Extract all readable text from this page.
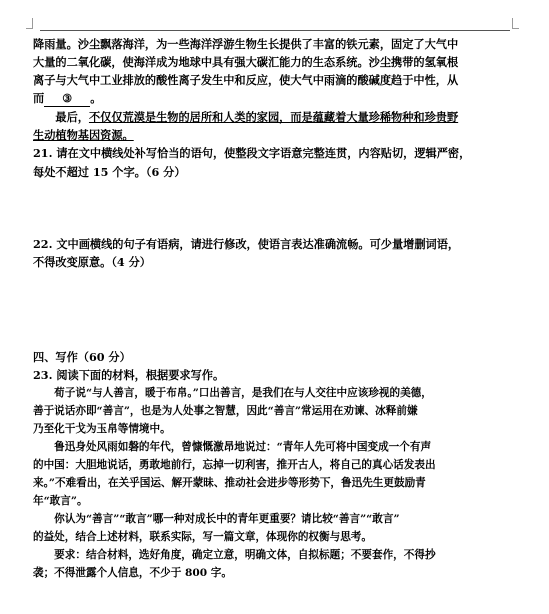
降雨量。沙尘飘落海洋，为一些海洋浮游生物生长提供了丰富的铁元素，固定了大气中
大量的二氧化碳，使海洋成为地球中具有强大碳汇能力的生态系统。沙尘携带的氢氧根
离子与大气中工业排放的酸性离子发生中和反应，使大气中雨滴的酸碱度趋于中性，从
而 ③ 。
　　最后，不仅仅荒漠是生物的居所和人类的家园，而是蕴藏着大量珍稀物种和珍贵野
生动植物基因资源。
21. 请在文中横线处补写恰当的语句，使整段文字语意完整连贯，内容贴切，逻辑严密，
每处不超过 15 个字。（6 分）
22. 文中画横线的句子有语病，请进行修改，使语言表达准确流畅。可少量增删词语，
不得改变原意。（4 分）
四、写作（60 分）
23. 阅读下面的材料，根据要求写作。
　　荀子说“与人善言，暖于布帛。”口出善言，是我们在与人交往中应该珍视的美德，
善于说话亦即“善言”，也是为人处事之智慧，因此“善言”常运用在劝谏、冰释前嫌
乃至化干戈为玉帛等情境中。
　　鲁迅身处风雨如磐的年代，曾慷慨激昂地说过：“青年人先可将中国变成一个有声
的中国：大胆地说话，勇敢地前行，忘掉一切利害，推开古人，将自己的真心话发表出
来。”不难看出，在关乎国运、解开蒙昧、推动社会进步等形势下，鲁迅先生更鼓励青
年“敢言”。
　　你认为“善言”“敢言”哪一种对成长中的青年更重要？请比较“善言”“敢言”
的益处，结合上述材料，联系实际，写一篇文章，体现你的权衡与思考。
　　要求：结合材料，选好角度，确定立意，明确文体，自拟标题；不要套作，不得抄
袭；不得泄露个人信息，不少于 800 字。
